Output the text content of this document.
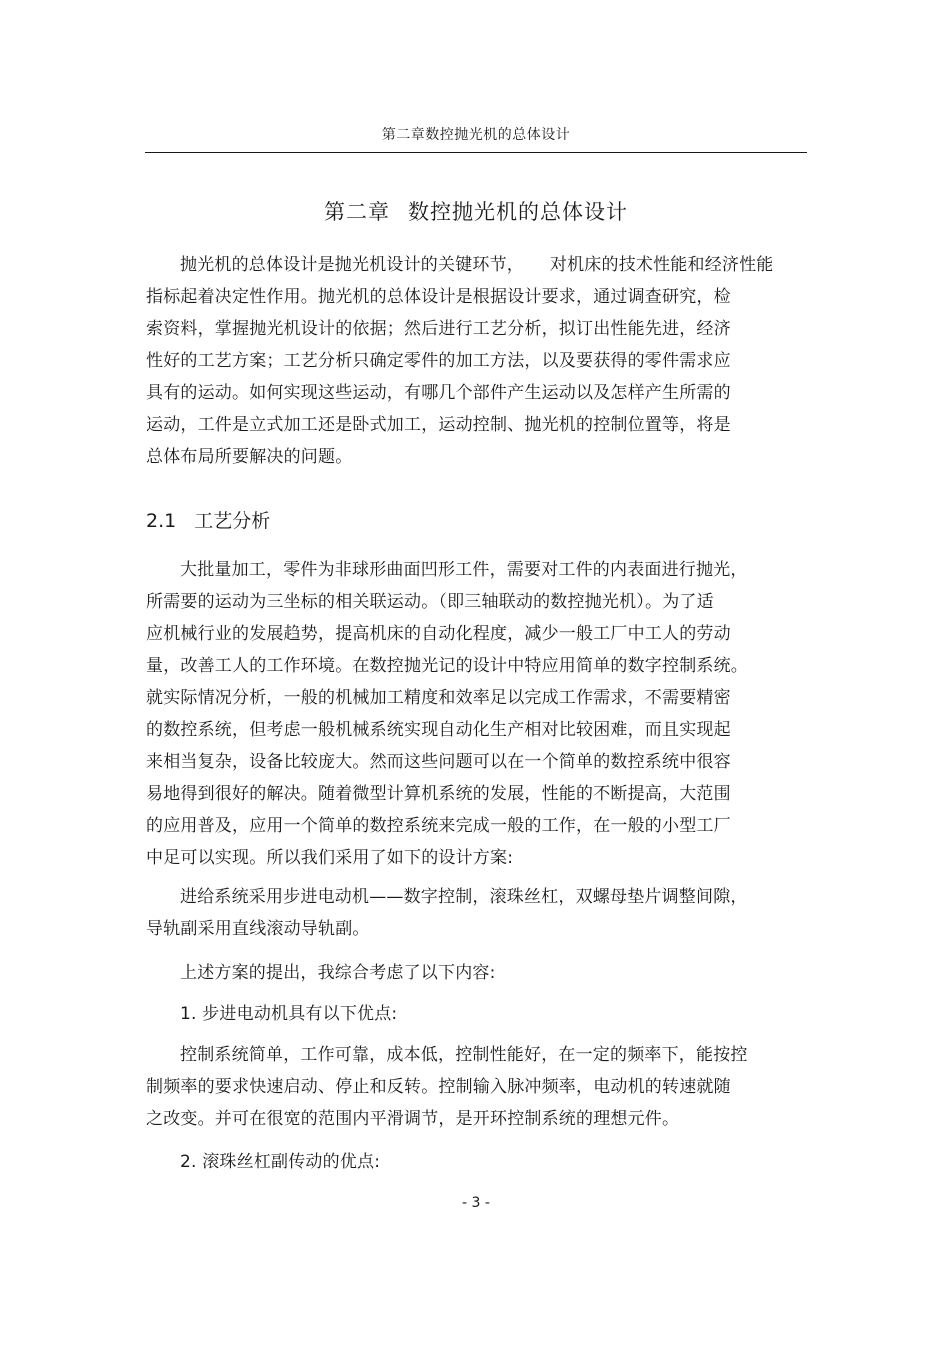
第二章数控抛光机的总体设计
第二章 数控抛光机的总体设计
抛光机的总体设计是抛光机设计的关键环节，　　对机床的技术性能和经济性能
指标起着决定性作用。抛光机的总体设计是根据设计要求，通过调查研究，检
索资料，掌握抛光机设计的依据；然后进行工艺分析，拟订出性能先进，经济
性好的工艺方案；工艺分析只确定零件的加工方法，以及要获得的零件需求应
具有的运动。如何实现这些运动，有哪几个部件产生运动以及怎样产生所需的
运动，工件是立式加工还是卧式加工，运动控制、抛光机的控制位置等，将是
总体布局所要解决的问题。
2.1 工艺分析
大批量加工，零件为非球形曲面凹形工件，需要对工件的内表面进行抛光，
所需要的运动为三坐标的相关联运动。（即三轴联动的数控抛光机）。为了适
应机械行业的发展趋势，提高机床的自动化程度，减少一般工厂中工人的劳动
量，改善工人的工作环境。在数控抛光记的设计中特应用简单的数字控制系统。
就实际情况分析，一般的机械加工精度和效率足以完成工作需求，不需要精密
的数控系统，但考虑一般机械系统实现自动化生产相对比较困难，而且实现起
来相当复杂，设备比较庞大。然而这些问题可以在一个简单的数控系统中很容
易地得到很好的解决。随着微型计算机系统的发展，性能的不断提高，大范围
的应用普及，应用一个简单的数控系统来完成一般的工作，在一般的小型工厂
中足可以实现。所以我们采用了如下的设计方案:
进给系统采用步进电动机——数字控制，滚珠丝杠，双螺母垫片调整间隙，
导轨副采用直线滚动导轨副。
上述方案的提出，我综合考虑了以下内容:
1. 步进电动机具有以下优点:
控制系统简单，工作可靠，成本低，控制性能好，在一定的频率下，能按控
制频率的要求快速启动、停止和反转。控制输入脉冲频率，电动机的转速就随
之改变。并可在很宽的范围内平滑调节，是开环控制系统的理想元件。
2. 滚珠丝杠副传动的优点:
- 3 -
